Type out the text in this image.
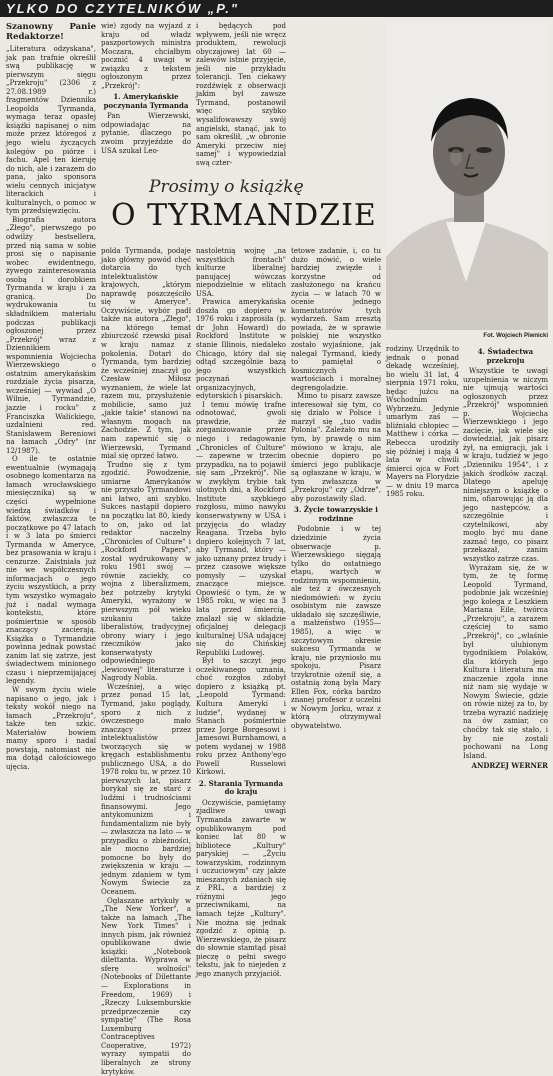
YLKO DO CZYTELNIKÓW „P."
Szanowny Panie Redaktorze!

„Literatura odzyskana", jak pan trafnie określił swą publikację w pierwszym sięgu „Przekroju" (2306 z 27.08.1989 r.) fragmentów Dziennika Leopolda Tyrmanda, wymaga teraz opasłej książki napisanej o nim może przez któregoś z jego wielu życzących kolegów po piórze i fachu. Apel ten kieruję do nich, ale i zarazem do pana, jako sponsora wielu cennych inicjatyw literackich i kulturalnych, o pomoc w tym przedsięwzięciu.

Biografia autora „Złego", pierwszego po odwilży bestsellera, przed nią sama w sobie prosi się o napisanie wobec ewidentnego, żywego zainteresowania osobą i dorobkiem Tyrmanda w kraju i za granicą. Do wydrukowania tu składnikiem materiału podczas publikacji ogłoszonej przez „Przekrój" wraz z Dziennikiem wspomnienia Wojciecha Wierzewskiego o ostatnim amerykańskim rozdziale życia pisarza, wcześniej — wywiad „O Wilnie, Tyrmandzie, jazzie i rocku" z Franciszka Walickiego, uzdalnieni red. Stanisławem Bereniowi na łamach „Odry" (nr 12/1987).

O ile te ostatnie ewentualnie (wymagają osobnego komentarza na łamach wrocławskiego miesięcznika) są w części wypełnione wiedzą świadków i faktów, zwłaszcza te początkowe po 47 latach i w 3 lata po śmierci Tyrmanda w Ameryce, bez prasowania w kraju i cenzurze. Zaistniała już nie we współczesnych informacjach o jego życiu wszystkich, a przy tym wszystko wymagało już i nadal wymaga kontekstu, które pośmiertnie w sposób znaczący zacierają. Książka o Tyrmandzie powinna jednak powstać zanim lat się zatrze, jest świadectwem minionego czasu i nieprzemijającej legendy.

W swym życiu wiele napisano o jego, jak i teksty wokół niego na łamach „Przekroju", także ten szkic. Materiałów bowiem mamy sporo i nadal powstają, natomiast nie ma dotąd całościowego ujęcia.

wie) zgody na wyjazd z kraju od władz paszportowych ministra Moczara, chciałbym pocznić 4 uwagi w związku z tekstem ogłoszonym przez „Przekrój":

1. Amerykańskie poczynania Tyrmanda

Pan Wierzewski, odpowiadając na pytanie, dlaczego po zwoim przyjeździe do USA szukał Leo-

i będących pod wpływem, jeśli nie wręcz produktem, rewolucji obyczajowej lat 60 — zalewów istnie przyjęcie, jeśli nie przykładu tolerancji. Ten ciekawy rozdźwięk z obserwacji jakim był zawsze Tyrmand, postanowił więc szybko wysalifowawszy swój angielski, stanąć, jak to sam określił, „w obronie Ameryki przeciw niej samej" i wypowiedział swą czter-

Prosimy o książkę
O TYRMANDZIE
Fot. Wojciech Piwnicki

polda Tyrmanda, podaje jako główny powód chęć dotarcia do tych intelektualistów krajowych, „którym naprawdę poszczęściło się w Ameryce". Oczywiście, wybór padł także na autora „Złego", na którego temat zbiurczość rzewski pisał w kraju namaz z pokolenia. Dotarł do Tyrmanda, tym bardziej że wcześniej znaczył go Czesław Miłosz wyznaniem, że wiele lat razem mu, przysłużenie mobilicie, samo już „jakie takie" stanowi na własnym mogach na Zachodzie. Z tym, jak nam zapewnić się o Wierzewski, Tyrmand mial się oprzeć łatwo.

Trudno się z tym zgodzić. Powodzenie, umiarne Amerykanów nie przyszło Tyrmandowi ani łatwo, ani szybko. Sukces nastąpił dopiero na początku lat 80, kiedy to on, jako od lat redaktor naczelny „Chronicles of Culture" i „Rockford Papers", został wydrukowany w roku 1981 swój — równie zaciekły, co wojna z liberalizmem, bez potrzeby krytyki Ameryki, wyrażony w pierwszym pół wieku szukaniu także liberalistów, tradycyjnej obrony wiary i jego rzeczników jako konserwatysty odpowiedniego „lewicowej" literaturze i Nagrody Nobla.

Wcześniej, a więc przez ponad 15 lat, Tyrmand, jako poglądy, sporo z nich z ówczesnego mało znaczący przez intelektualistów tworzących się w kręgach establishmentu publicznego USA, a do 1978 roku tu, w przez 10 pierwszych lat, pisarz borykał się ze starć z ludźmi i trudnościami finansowymi. Jego antykomunizm i fundamentalizm nie były — zwłaszcza na lato — w przypadku o zbieżności, ale mocno bardziej pomocne bo były do zwiększenia w kraju — jednym zdaniem w tym Nowym Świecie za Oceanem.

Ogłaszane artykuły w „The New Yorker", a także na łamach „The New York Times" i innych pism, jak również opublikowane dwie książki: „Notebook dilettanta. Wyprawa w sferę wolności" (Notebooks of Dilettante — Explorations in Freedom, 1969) i „Rzeczy Luksemburskie przedprzeczenie czy sympatię" (The Rosa Luxemburg Contraceptives Cooperative, 1972) wyrazy sympatii do liberalnych ze strony krytyków.

nastoletnią wojnę „na wszystkich frontach" kulturze liberalnej panującej wówczas niepodzielnie w elitach USA.

Prawica amerykańska doszła go dopiero w 1976 roku i zaprosiła (p. dr John Howard) do Rockford Institute w stanie Illinois, niedaleko Chicago, który dał się odtąd szczególnie bazą jego wszystkich poczynań organizacyjnych, edytorskich i pisarskich.

I temu mówię trafne odnotować, gwoli prawdzie, że zorganizowanie przez niego i redagowanie „Chronicles of Culture" — zapewne w trzecim przypadku, na to pojawił się sam „Przekrój". Nie w zwykłym trybie tak ulotnych dni, a Rockford Institute szybkiego rozgłosu, mimo nawyku konserwatywny w USA i przyjęcia do władzy Reagana. Trzeba było dopiero kolejnych 7 lat, aby Tyrmand, który — jako uznany przez trudy i przez czasowe większe pomysły — uzyskał znaczące miejsce. Opowieść o tym, że w 1985 roku, w więc na 3 lata przed śmiercią, znalazł się w składzie oficjalnej delegacji kulturalnej USA udającej się do Chińskiej Republiki Ludowej.

Był to szczyt jego oczekiwanego uznania, choć rozgłos zdobył dopiero z książką pt. „Leopold Tyrmand: Kultura Ameryki i ludzie", wydanej w Stanach pośmiertnie przez Jorge Borgesowi i Jamesowi Burnhamowi, a potem wydanej w 1988 roku przez Anthony'ego Powell Russelowi Kirkowi.

2. Starania Tyrmanda do kraju

Oczywiście, pamiętamy zjadliwe uwagi Tyrmanda zawarte w opublikowanym pod koniec lat 80 w bibliotece „Kultury" paryskiej — „Życiu towarzyskim, rodzinnym i uczuciowym" czy jakże mieszanych zdaniach się z PRL, a bardziej z różnymi jego przeciwnikami, na łamach tejże „Kultury". Nie można się jednak zgodzić z opinią p. Wierzewskiego, że pisarz do słownie stamtąd pisał pieczę o pełni swego tekstu, jak to niejeden z jego znanych przyjaciół.

tetowe zadanie, i, co tu dużo mówić, o wiele bardziej zwięzłe i korzystne od zasłużonego na krańcu życia — w latach 70 w ocenie jednego komentatorów tych wydarzeń. Sam zresztą powiada, że w sprawie polskiej nie wszystko zostało wyjaśnione, jak nalegał Tyrmand, kiedy to pamiętał o kosmicznych wartościach i moralnej degrengoladzie.

Mimo to pisarz zawsze interesował się tym, co się działo w Polsce i marzył się „tuo vadis Polonia". Zależało mu na tym, by prawdę o nim mówiono w kraju, ale obecnie dopiero po śmierci jego publikacje są ogłaszane w kraju, w tym zwłaszcza w „Przekroju" czy „Odrze", aby pozostawiły ślad.

3. Życie towarzyskie i rodzinne

Podobnie i w tej dziedzinie życia obserwacje p. Wierzewskiego sięgają tylko do ostatniego etapu, wartych w rodzinnym wspomnieniu, ale też z ówczesnych niedomówień: w życiu osobistym nie zawsze układało się szczęśliwie, a małżeństwo (1955—1985), a więc w szczytowym okresie sukcesu Tyrmanda w kraju, nie przyniosło mu spokoju. Pisarz trzykrotnie ożenił się, a ostatnią żoną była Mary Ellen Fox, córka bardzo znanej profesor z uczelni w Nowym Jorku, wraz z którą otrzymywał obywatelstwo.

rodziny. Urzędnik to jednak o ponad dekadę wcześniej, bo wielu 31 lat, 4 sierpnia 1971 roku, będąc juźcu na Wschodnim Wybrzeżu. Jedynie umarłym zaś — bliźniaki chłopiec — Matthew i córka — Rebecca urodziły się później i mają 4 lata w chwili śmierci ojca w Fort Mayers na Florydzie — w dniu 19 marca 1985 roku.

4. Świadectwa przekroju

Wszystkie te uwagi uzupełnienia w niczym nie ujmują wartości ogłoszonych przez „Przekrój" wspomnień p. Wojciecha Wierzewskiego i jego zacięcie, jak wiele się dowiedział, jak pisarz żył, na emigracji, jak i w kraju, tudzież w jego „Dzienniku 1954", i z jakich środków zaczął. Dlatego apeluję niniejszym o książkę o nim, ofiarowując ją dla jego następców, a szczególnie i czytelnikowi, aby mogło być mu dane zaznać tego, co pisarz przekazał, zanim wszystko zatrze czas.

Wyrażam się, że w tym, że tę formę Leopold Tyrmand, podobnie jak wcześniej jego kolega z Leszkiem Mariana Eile, twórca „Przekroju", a zarazem częściej to samo „Przekrój", co „właśnie był ulubionym tygodnikiem Polaków, dla których jego Kultura i literatura ma znaczenie zgoła inne niż nam się wydaje w Nowym Świecie, gdzie on rówie niżej za to, by trzeba wyrazić nadzieję na ów zamiar, co choćby tak się stało, i by nie zostali pochowani na Long Island.

ANDRZEJ WERNER
